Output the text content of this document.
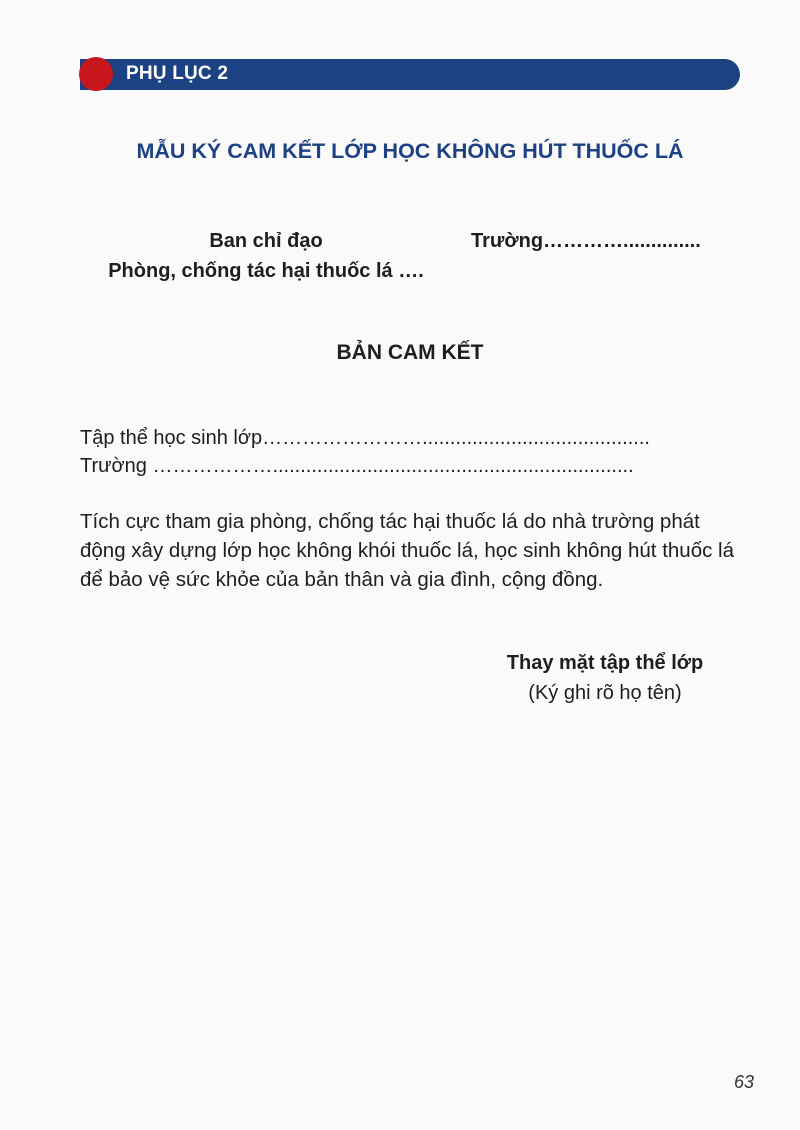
PHỤ LỤC 2
MẪU KÝ CAM KẾT LỚP HỌC KHÔNG HÚT THUỐC LÁ
Ban chỉ đạo
Phòng, chống tác hại thuốc lá ….
Trường…………..............
BẢN CAM KẾT
Tập thể học sinh lớp…………………….........................................
Trường ……………….................................................................

Tích cực tham gia phòng, chống tác hại thuốc lá do nhà trường phát động xây dựng lớp học không khói thuốc lá, học sinh không hút thuốc lá để bảo vệ sức khỏe của bản thân và gia đình, cộng đồng.

Thay mặt tập thể lớp
(Ký ghi rõ họ tên)
63
